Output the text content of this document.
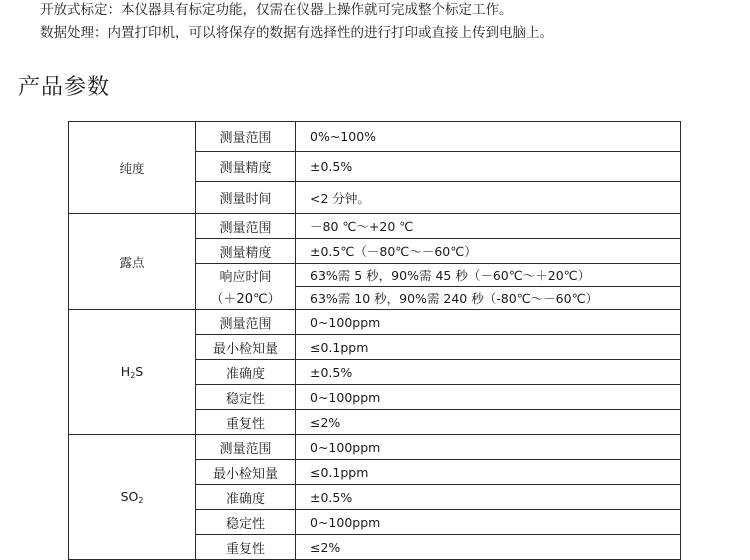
开放式标定：本仪器具有标定功能，仅需在仪器上操作就可完成整个标定工作。
数据处理：内置打印机，可以将保存的数据有选择性的进行打印或直接上传到电脑上。
产品参数
纯度	测量范围	0%~100%
	测量精度	±0.5%
	测量时间	<2 分钟。
露点	测量范围	－80 ℃～+20 ℃
	测量精度	±0.5℃（－80℃～－60℃）
	响应时间	63%需 5 秒，90%需 45 秒（－60℃～＋20℃）
	（＋20℃）	63%需 10 秒，90%需 240 秒（-80℃～－60℃）
H2S	测量范围	0~100ppm
	最小检知量	≤0.1ppm
	准确度	±0.5%
	稳定性	0~100ppm
	重复性	≤2%
SO2	测量范围	0~100ppm
	最小检知量	≤0.1ppm
	准确度	±0.5%
	稳定性	0~100ppm
	重复性	≤2%
